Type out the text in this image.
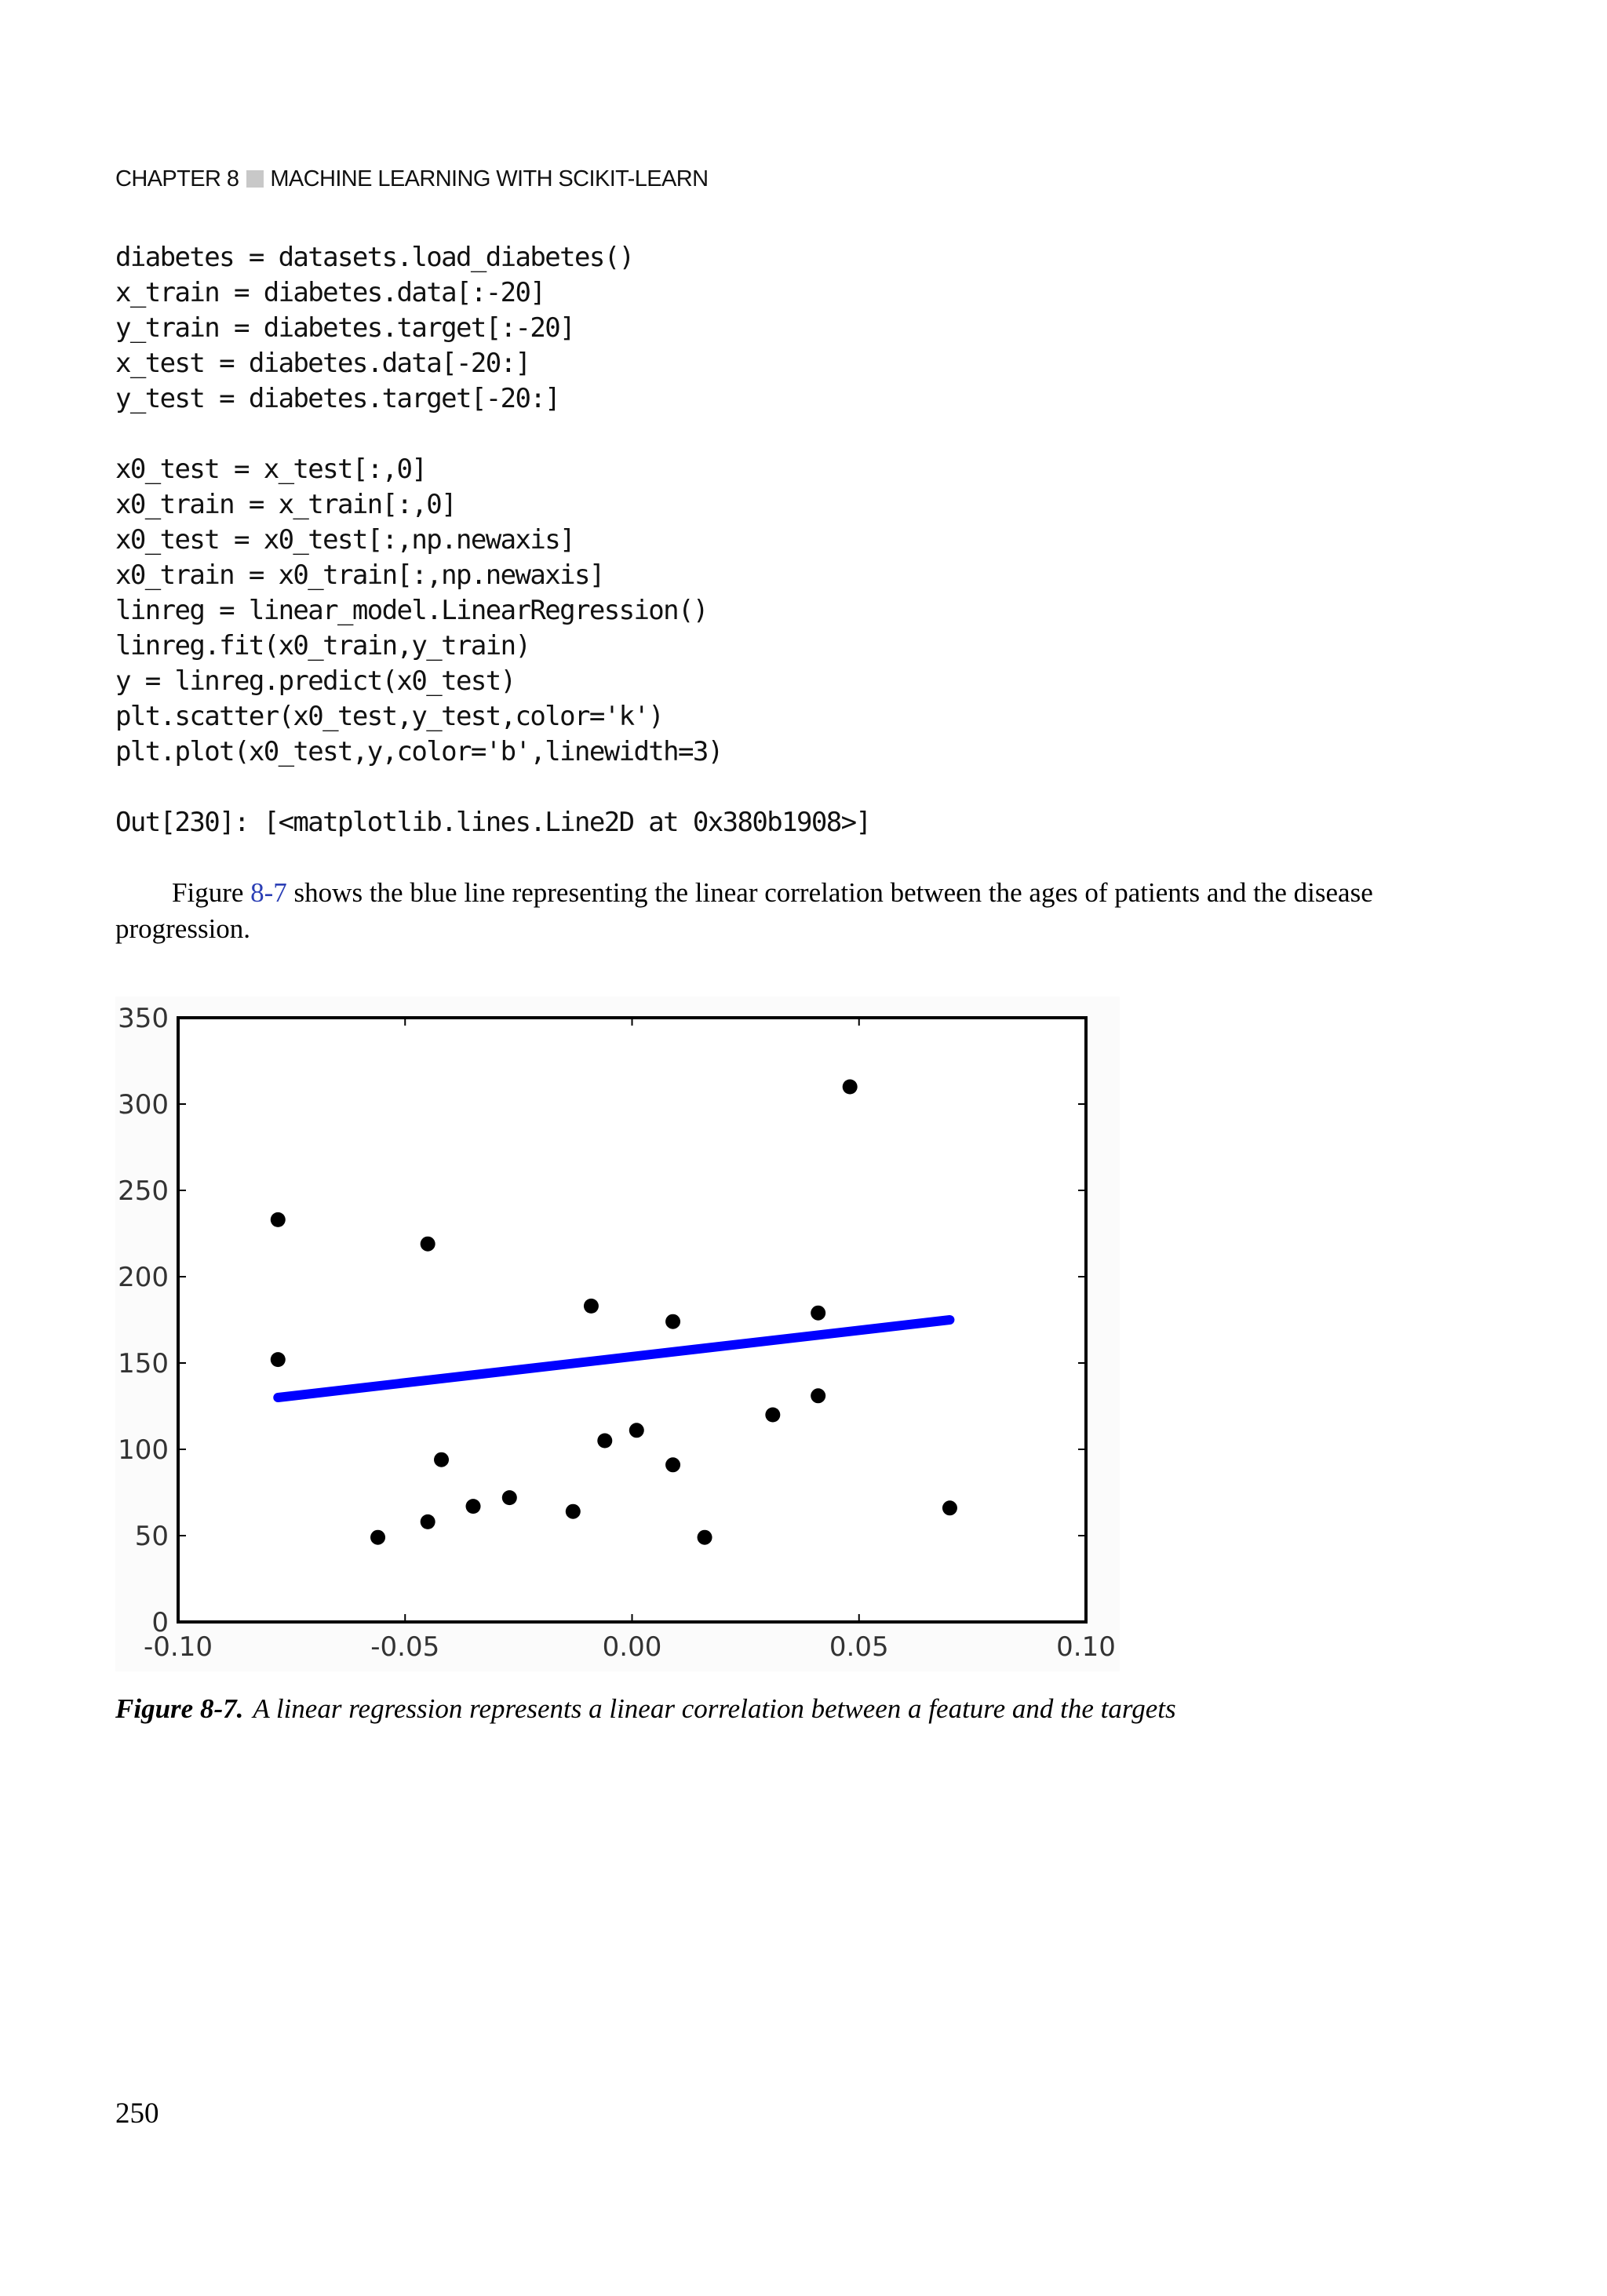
CHAPTER 8 MACHINE LEARNING WITH SCIKIT-LEARN
diabetes = datasets.load_diabetes()
x_train = diabetes.data[:-20]
y_train = diabetes.target[:-20]
x_test = diabetes.data[-20:]
y_test = diabetes.target[-20:]

x0_test = x_test[:,0]
x0_train = x_train[:,0]
x0_test = x0_test[:,np.newaxis]
x0_train = x0_train[:,np.newaxis]
linreg = linear_model.LinearRegression()
linreg.fit(x0_train,y_train)
y = linreg.predict(x0_test)
plt.scatter(x0_test,y_test,color='k')
plt.plot(x0_test,y,color='b',linewidth=3)
Out[230]: [<matplotlib.lines.Line2D at 0x380b1908>]

Figure 8-7 shows the blue line representing the linear correlation between the ages of patients and the disease progression.

-0.10	-0.05	0.00	0.05	0.10
0
50
100
150
200
250
300
350
Figure 8-7. A linear regression represents a linear correlation between a feature and the targets
250
